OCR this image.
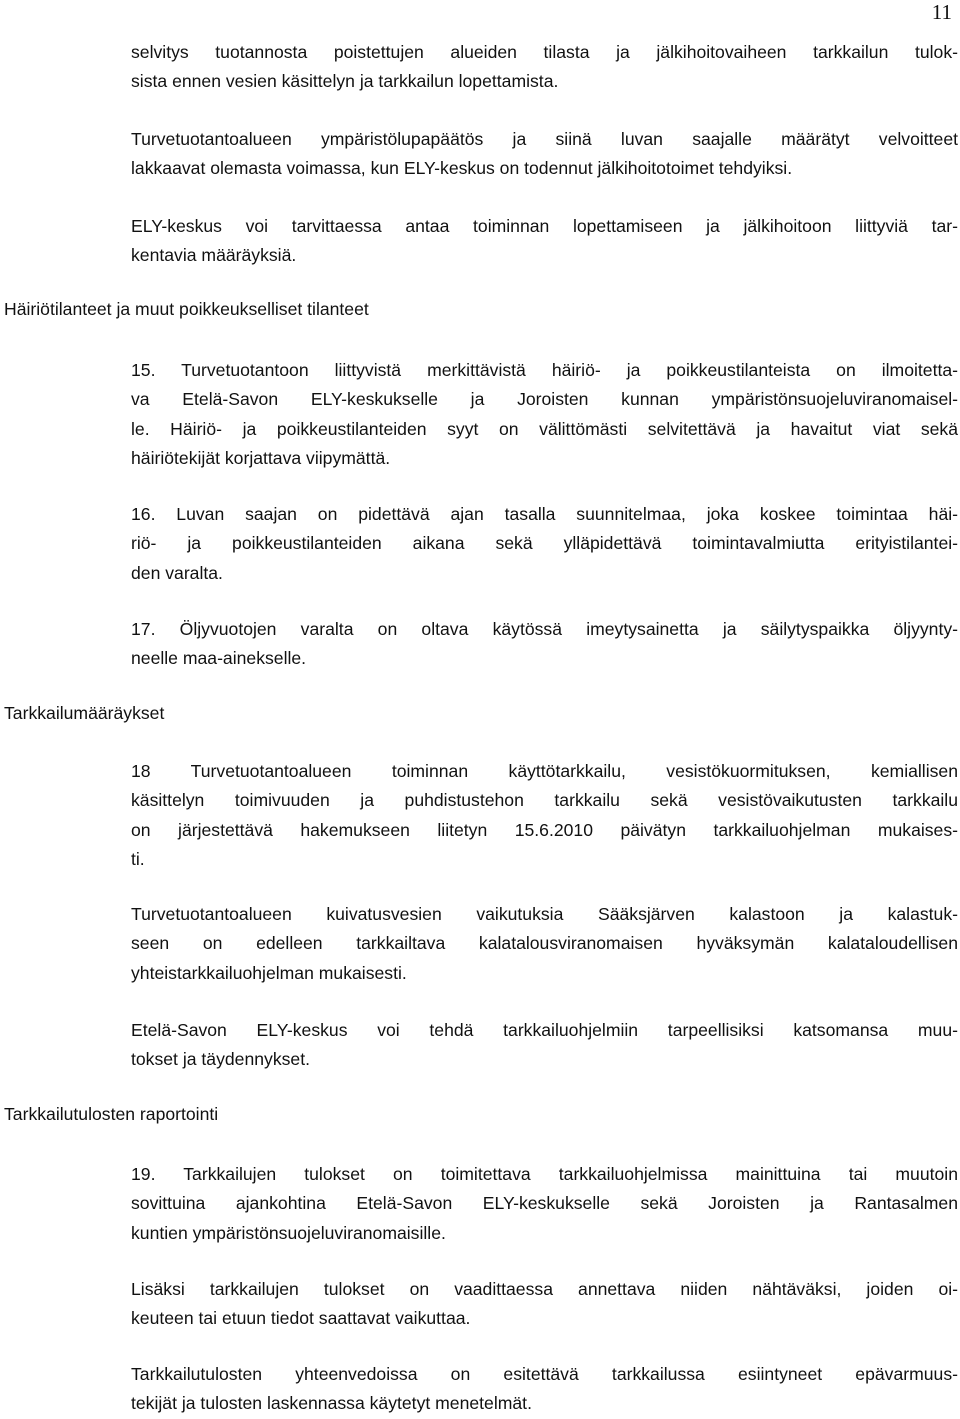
11

selvitys tuotannosta poistettujen alueiden tilasta ja jälkihoitovaiheen tarkkailun tulok-
sista ennen vesien käsittelyn ja tarkkailun lopettamista.

Turvetuotantoalueen ympäristölupapäätös ja siinä luvan saajalle määrätyt velvoitteet
lakkaavat olemasta voimassa, kun ELY-keskus on todennut jälkihoitotoimet tehdyiksi.

ELY-keskus voi tarvittaessa antaa toiminnan lopettamiseen ja jälkihoitoon liittyviä tar-
kentavia määräyksiä.

Häiriötilanteet ja muut poikkeukselliset tilanteet

15. Turvetuotantoon liittyvistä merkittävistä häiriö- ja poikkeustilanteista on ilmoitetta-
va Etelä-Savon ELY-keskukselle ja Joroisten kunnan ympäristönsuojeluviranomaisel-
le. Häiriö- ja poikkeustilanteiden syyt on välittömästi selvitettävä ja havaitut viat sekä
häiriötekijät korjattava viipymättä.

16. Luvan saajan on pidettävä ajan tasalla suunnitelmaa, joka koskee toimintaa häi-
riö- ja poikkeustilanteiden aikana sekä ylläpidettävä toimintavalmiutta erityistilantei-
den varalta.

17. Öljyvuotojen varalta on oltava käytössä imeytysainetta ja säilytyspaikka öljyynty-
neelle maa-ainekselle.

Tarkkailumääräykset

18 Turvetuotantoalueen toiminnan käyttötarkkailu, vesistökuormituksen, kemiallisen
käsittelyn toimivuuden ja puhdistustehon tarkkailu sekä vesistövaikutusten tarkkailu
on järjestettävä hakemukseen liitetyn 15.6.2010 päivätyn tarkkailuohjelman mukaises-
ti.

Turvetuotantoalueen kuivatusvesien vaikutuksia Sääksjärven kalastoon ja kalastuk-
seen on edelleen tarkkailtava kalatalousviranomaisen hyväksymän kalataloudellisen
yhteistarkkailuohjelman mukaisesti.

Etelä-Savon ELY-keskus voi tehdä tarkkailuohjelmiin tarpeellisiksi katsomansa muu-
tokset ja täydennykset.

Tarkkailutulosten raportointi

19. Tarkkailujen tulokset on toimitettava tarkkailuohjelmissa mainittuina tai muutoin
sovittuina ajankohtina Etelä-Savon ELY-keskukselle sekä Joroisten ja Rantasalmen
kuntien ympäristönsuojeluviranomaisille.

Lisäksi tarkkailujen tulokset on vaadittaessa annettava niiden nähtäväksi, joiden oi-
keuteen tai etuun tiedot saattavat vaikuttaa.

Tarkkailutulosten yhteenvedoissa on esitettävä tarkkailussa esiintyneet epävarmuus-
tekijät ja tulosten laskennassa käytetyt menetelmät.
